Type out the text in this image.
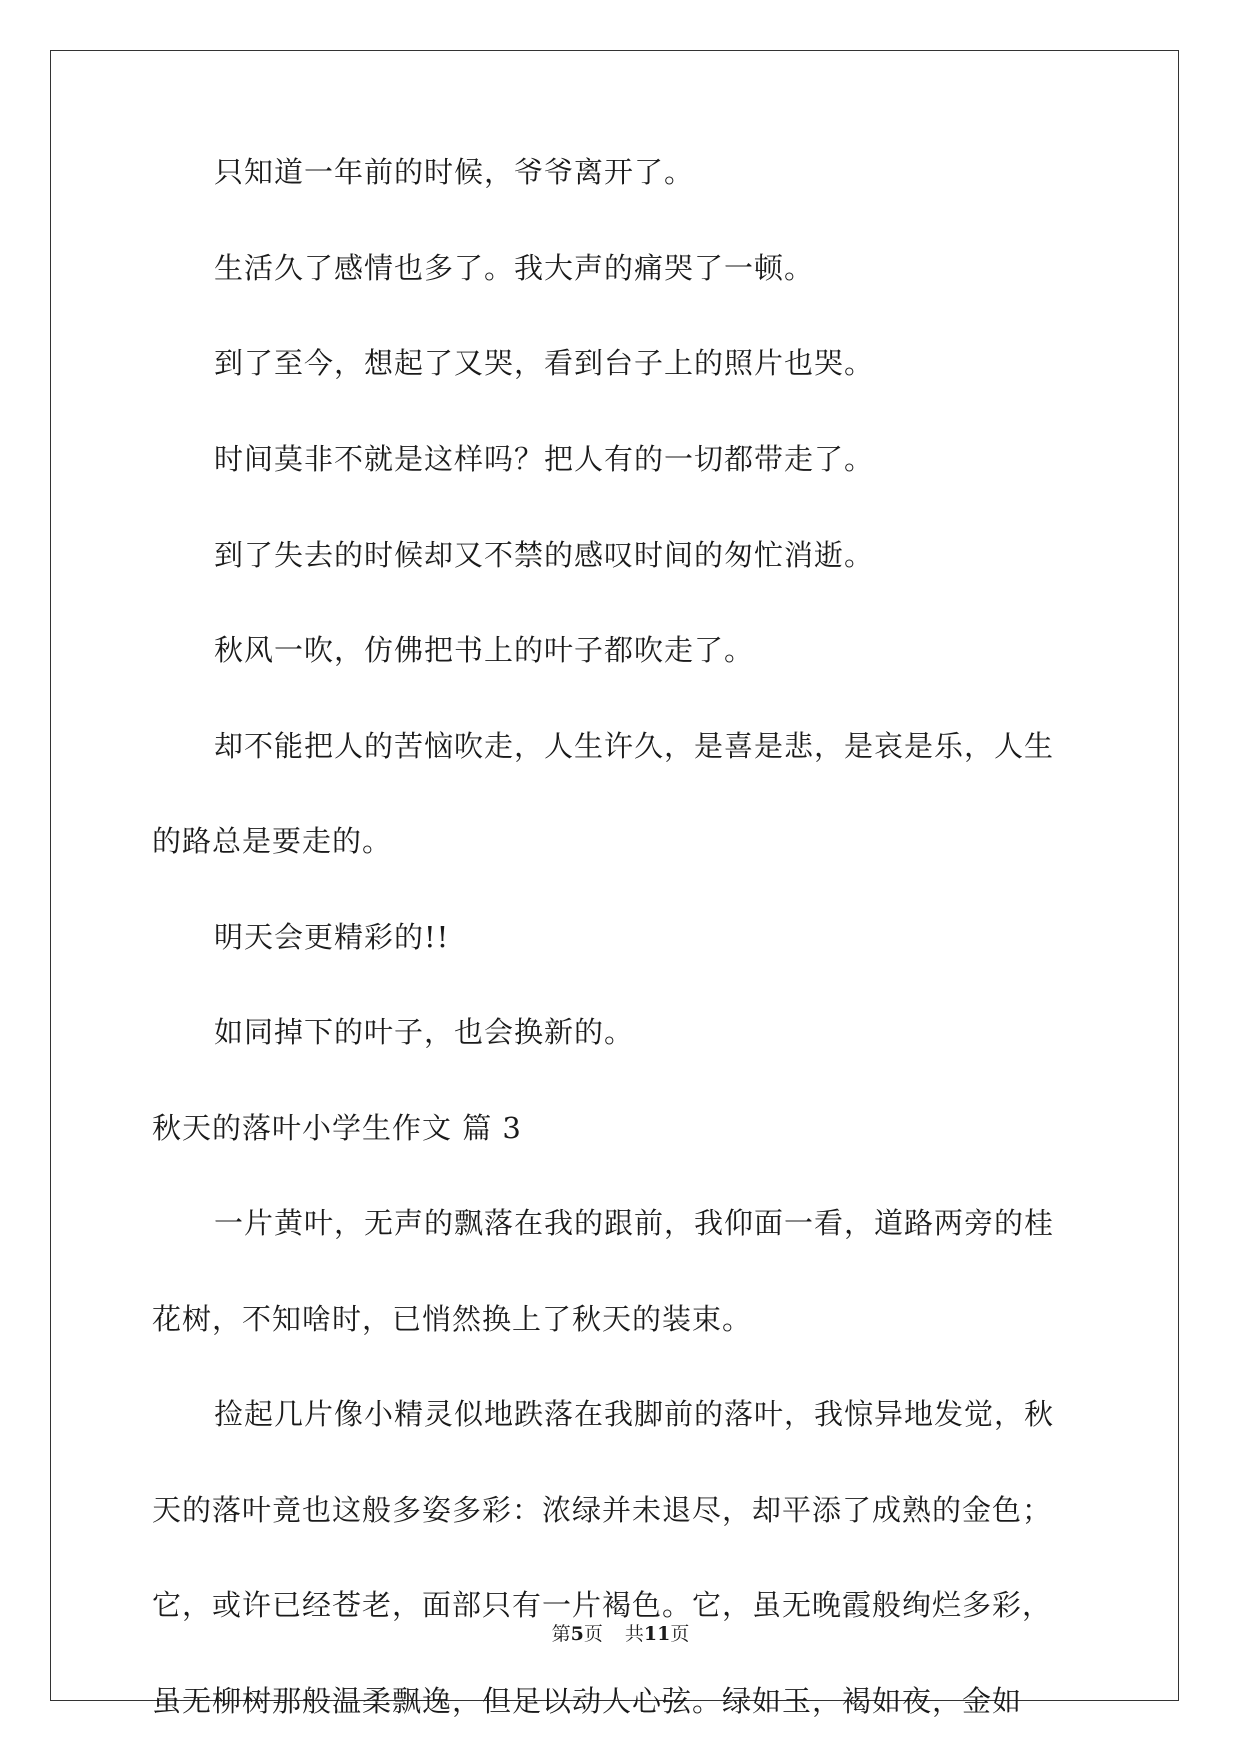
只知道一年前的时候，爷爷离开了。
生活久了感情也多了。我大声的痛哭了一顿。
到了至今，想起了又哭，看到台子上的照片也哭。
时间莫非不就是这样吗？把人有的一切都带走了。
到了失去的时候却又不禁的感叹时间的匆忙消逝。
秋风一吹，仿佛把书上的叶子都吹走了。
却不能把人的苦恼吹走，人生许久，是喜是悲，是哀是乐，人生
的路总是要走的。
明天会更精彩的!!
如同掉下的叶子，也会换新的。
秋天的落叶小学生作文 篇 3
一片黄叶，无声的飘落在我的跟前，我仰面一看，道路两旁的桂
花树，不知啥时，已悄然换上了秋天的装束。
捡起几片像小精灵似地跌落在我脚前的落叶，我惊异地发觉，秋
天的落叶竟也这般多姿多彩：浓绿并未退尽，却平添了成熟的金色；
它，或许已经苍老，面部只有一片褐色。它，虽无晚霞般绚烂多彩，
虽无柳树那般温柔飘逸，但足以动人心弦。绿如玉，褐如夜，金如
第5页 共11页
